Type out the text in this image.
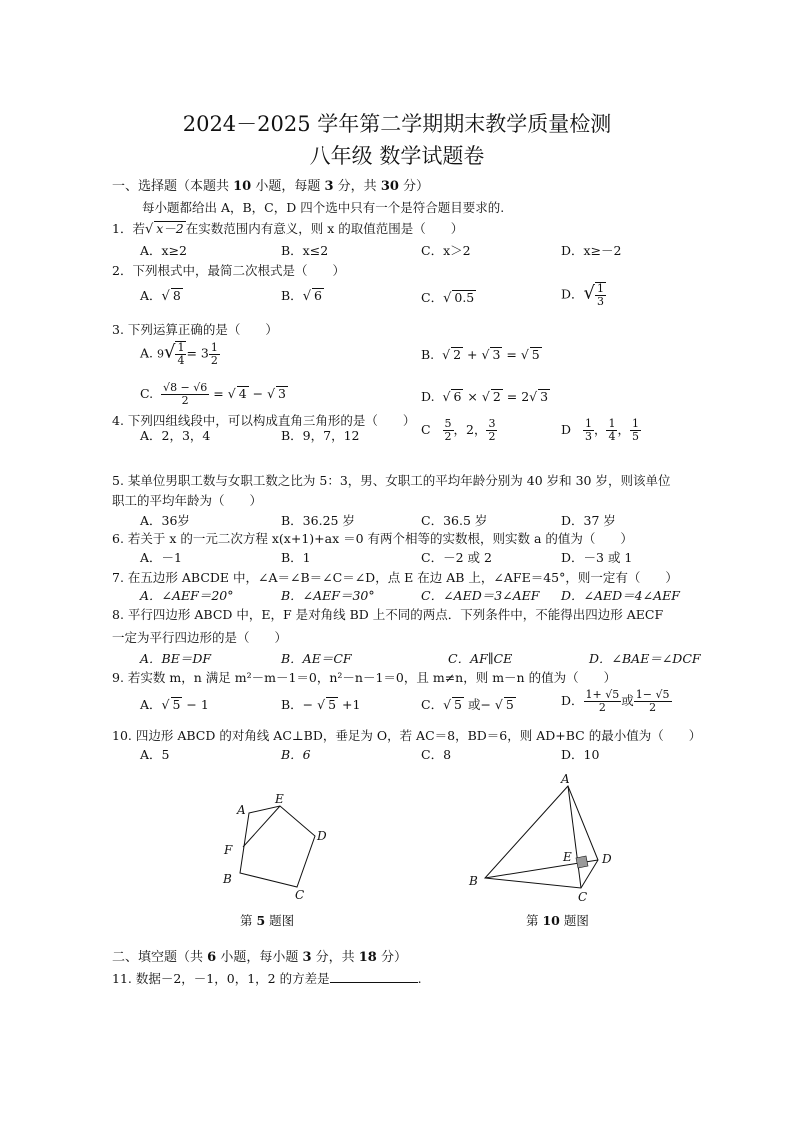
2024－2025 学年第二学期期末教学质量检测
八年级 数学试题卷
一、选择题（本题共 10 小题，每题 3 分，共 30 分）
每小题都给出 A，B，C，D 四个选中只有一个是符合题目要求的.
1．若√ x－2 在实数范围内有意义，则 x 的取值范围是（　　）
A．x≥2	B．x≤2	C．x＞2	D．x≥－2
2．下列根式中，最简二次根式是（　　）
A．√ 8	B．√ 6	C．√ 0.5	D．√ $\frac{1}{3}$
3. 下列运算正确的是（　　）
A. $9√ \frac{1}{4} = 3 \frac{1}{2}$	B.  √ 2 + √ 3 = √ 5
C. $\frac{√8 - √6}{2}$ = √ 4 − √ 3	D.  √ 6 × √ 2 = 2√ 3
4. 下列四组线段中，可以构成直角三角形的是（　　）
A．2，3，4	B．9，7，12	C $\frac{5}{2}$ ，2， $\frac{3}{2}$	D $\frac{1}{3}$ ， $\frac{1}{4}$ ， $\frac{1}{5}$
5. 某单位男职工数与女职工数之比为 5：3，男、女职工的平均年龄分别为 40 岁和 30 岁，则该单位
职工的平均年龄为（　　）
A．36岁	B．36.25 岁	C．36.5 岁	D．37 岁
6. 若关于 x 的一元二次方程 x(x+1)+ax ＝0 有两个相等的实数根，则实数 a 的值为（　　）
A．－1	B．1	C．－2 或 2	D．－3 或 1
7. 在五边形 ABCDE 中，∠A＝∠B＝∠C＝∠D，点 E 在边 AB 上，∠AFE＝45°，则一定有（　　）
A．∠AEF＝20°	B．∠AEF＝30°	C．∠AED＝3∠AEF D．∠AED＝4∠AEF
8. 平行四边形 ABCD 中，E，F 是对角线 BD 上不同的两点．下列条件中，不能得出四边形 AECF
一定为平行四边形的是（　　）
A．BE＝DF	B．AE＝CF	C．AF∥CE	D．∠BAE＝∠DCF
9. 若实数 m，n 满足 m²－m－1＝0，n²－n－1＝0，且 m≠n，则 m－n 的值为（　　）
A．√ 5 − 1	B．− √ 5 +1	C．√ 5 或− √ 5	D． $\frac{1+ √5}{2}$ 或 $\frac{1- √5}{2}$
10. 四边形 ABCD 的对角线 AC⊥BD，垂足为 O，若 AC＝8，BD＝6，则 AD+BC 的最小值为（　　）
A．5	B．6	C．8	D．10
A
E
D
F
B
C
第 5 题图
A
E	D
B
C
第 10 题图
二、填空题（共 6 小题，每小题 3 分，共 18 分）
11. 数据－2，－1，0，1，2 的方差是	.
